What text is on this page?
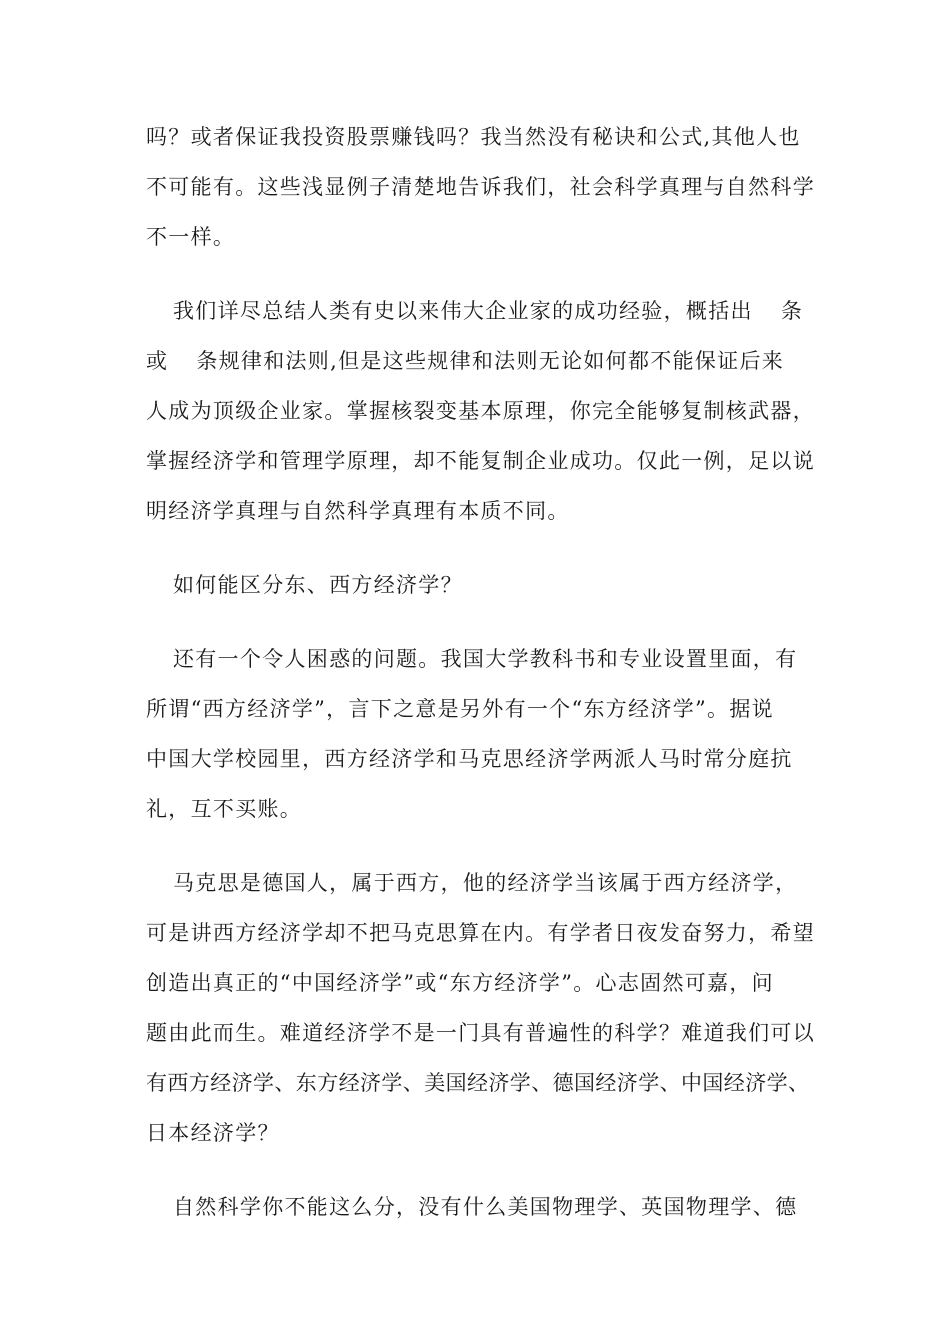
吗？或者保证我投资股票赚钱吗？我当然没有秘诀和公式,其他人也
不可能有。这些浅显例子清楚地告诉我们，社会科学真理与自然科学
不一样。
我们详尽总结人类有史以来伟大企业家的成功经验，概括出 条
或 条规律和法则,但是这些规律和法则无论如何都不能保证后来
人成为顶级企业家。掌握核裂变基本原理，你完全能够复制核武器，
掌握经济学和管理学原理，却不能复制企业成功。仅此一例，足以说
明经济学真理与自然科学真理有本质不同。
如何能区分东、西方经济学？
还有一个令人困惑的问题。我国大学教科书和专业设置里面，有
所谓“西方经济学”，言下之意是另外有一个“东方经济学”。据说
中国大学校园里，西方经济学和马克思经济学两派人马时常分庭抗
礼，互不买账。
马克思是德国人，属于西方，他的经济学当该属于西方经济学，
可是讲西方经济学却不把马克思算在内。有学者日夜发奋努力，希望
创造出真正的“中国经济学”或“东方经济学”。心志固然可嘉，问
题由此而生。难道经济学不是一门具有普遍性的科学？难道我们可以
有西方经济学、东方经济学、美国经济学、德国经济学、中国经济学、
日本经济学？
自然科学你不能这么分，没有什么美国物理学、英国物理学、德
